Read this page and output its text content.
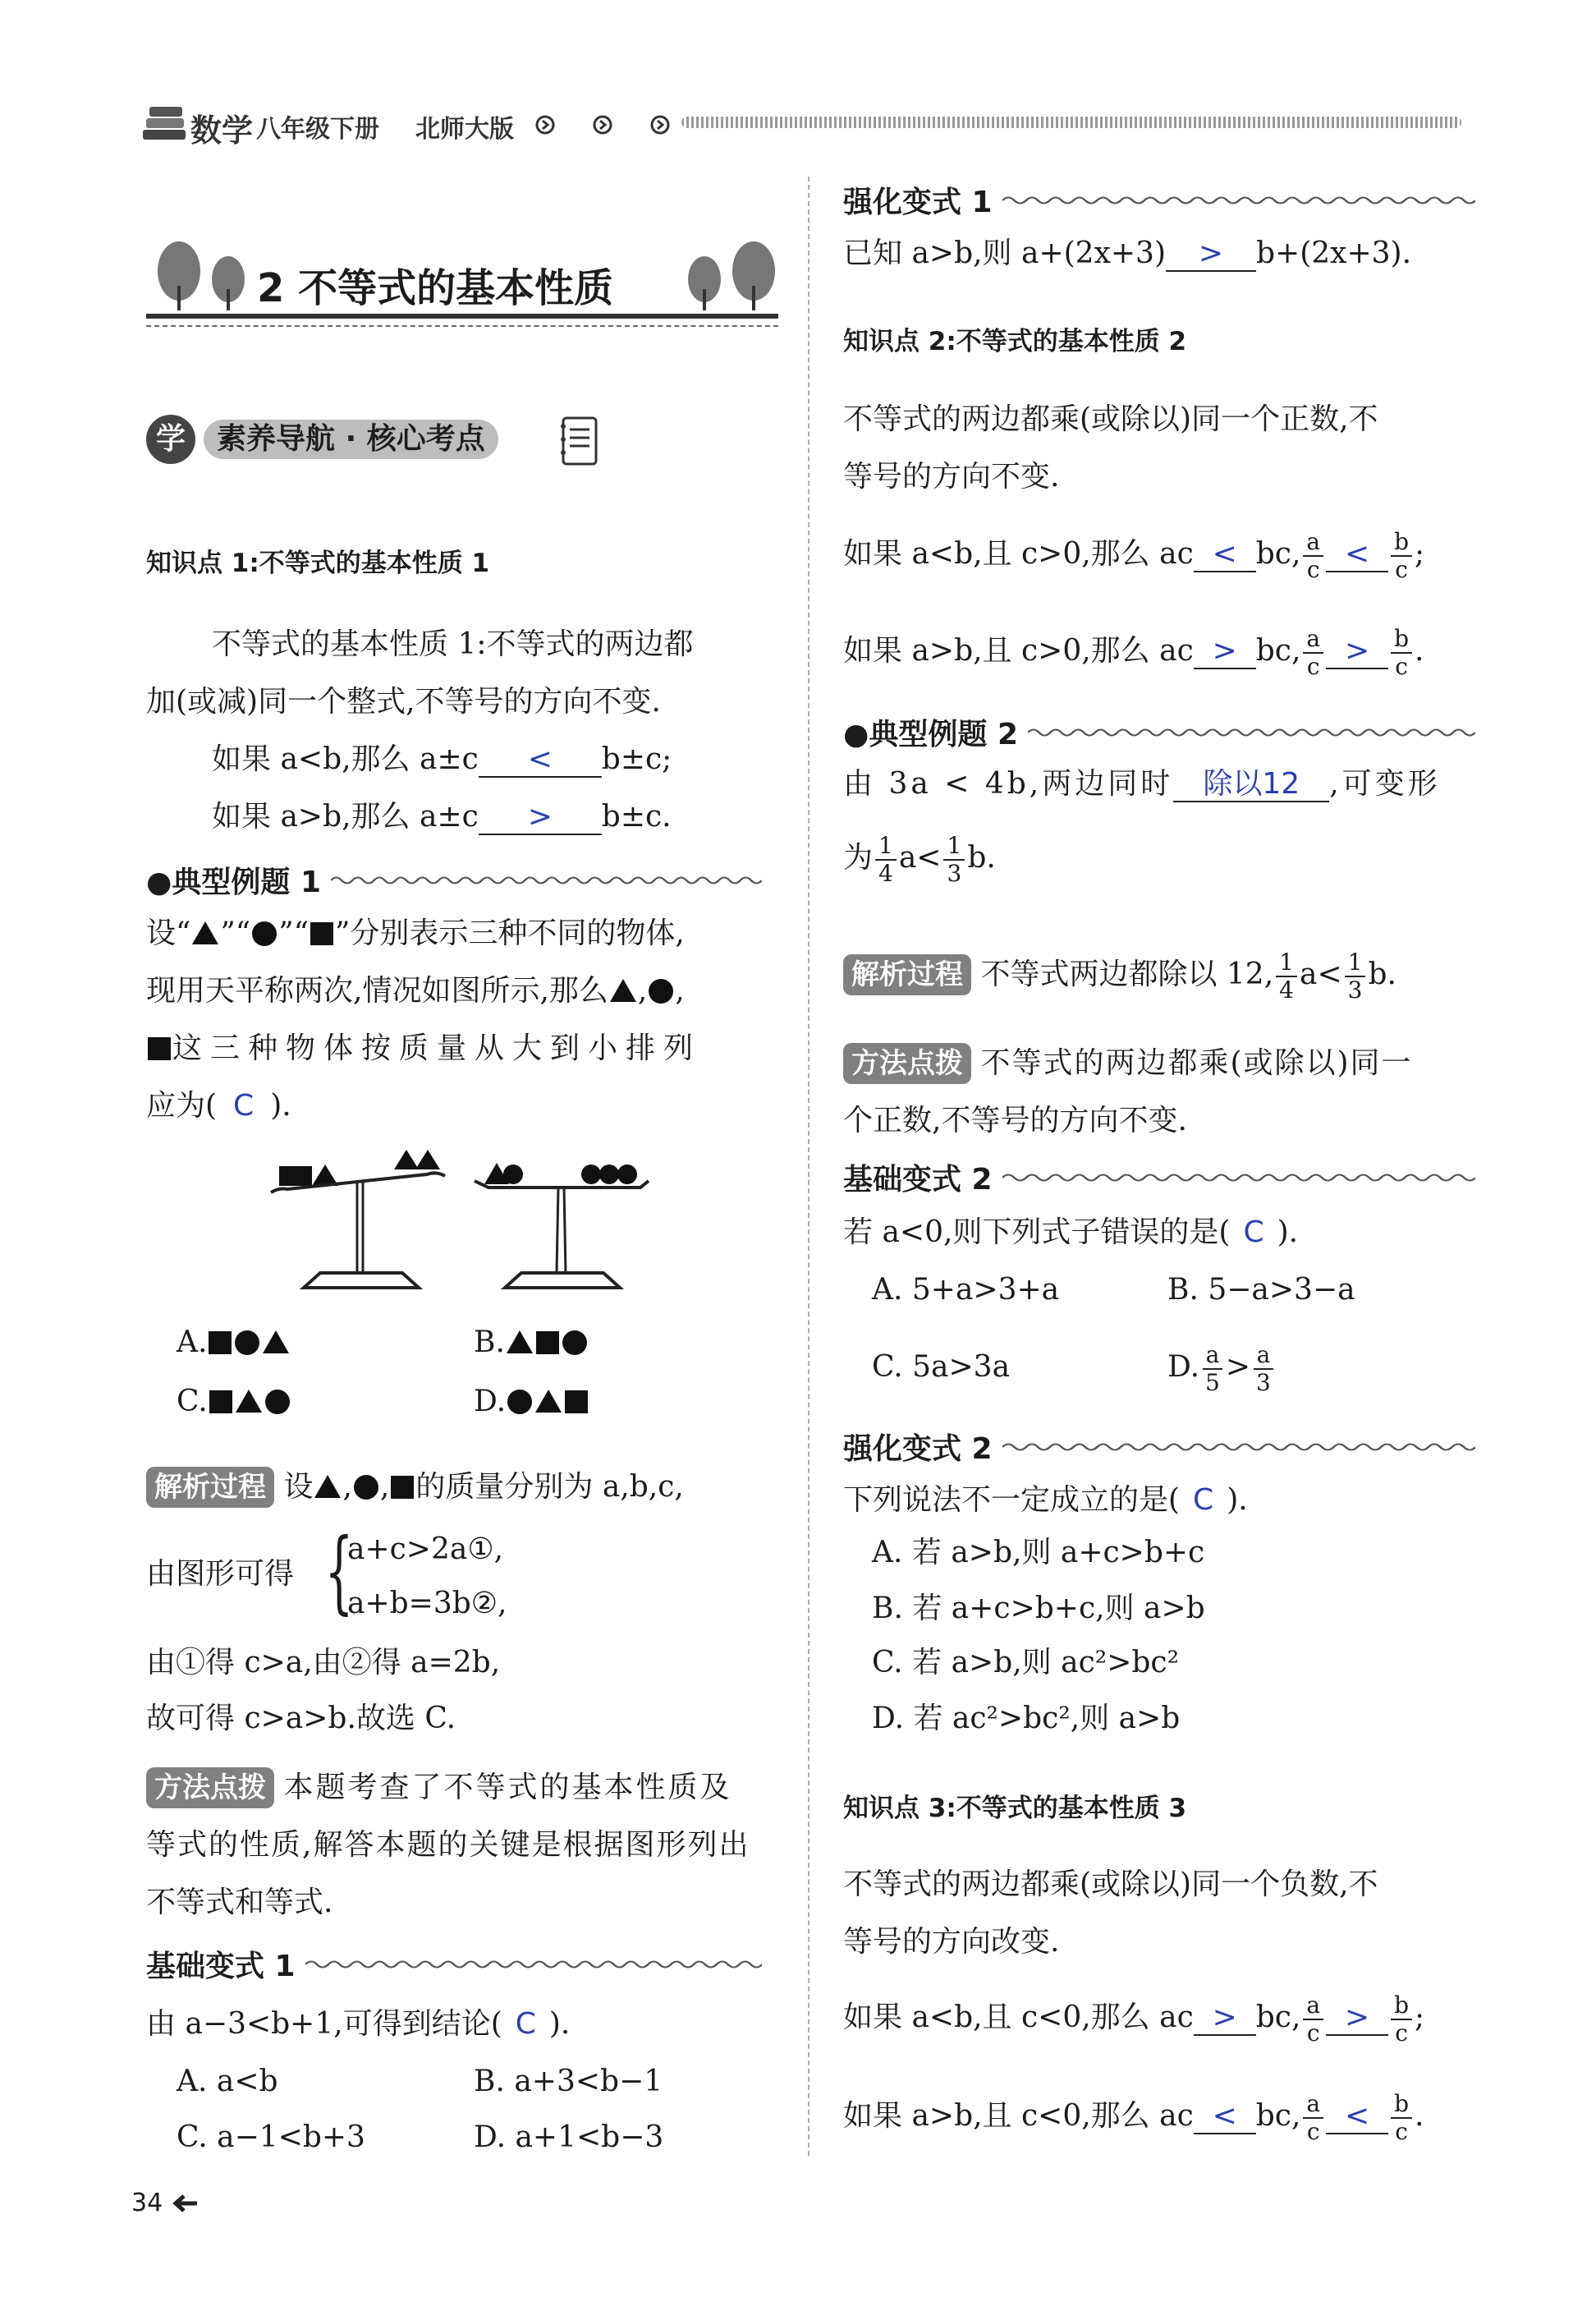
数学 八年级下册 北师大版
2 不等式的基本性质
学	素养导航 · 核心考点
知识点 1:不等式的基本性质 1
不等式的基本性质 1:不等式的两边都
加(或减)同一个整式,不等号的方向不变.
如果 a<b,那么 a±c < b±c;
如果 a>b,那么 a±c > b±c.
●典型例题 1
设“ ”“ ”“ ”分别表示三种不同的物体,
现用天平称两次,情况如图所示,那么 , ,
这三种物体按质量从大到小排列
应为( C ).
A.	B.
C.	D.
解析过程 设 , , 的质量分别为 a,b,c,
由图形可得 {
a+c>2a①,
a+b=3b②,
由①得 c>a,由②得 a=2b,
故可得 c>a>b.故选 C.
方法点拨 本题考查了不等式的基本性质及
等式的性质,解答本题的关键是根据图形列出
不等式和等式.
基础变式 1
由 a−3<b+1,可得到结论( C ).
A. a<b	B. a+3<b−1
C. a−1<b+3	D. a+1<b−3
34
强化变式 1
已知 a>b,则 a+(2x+3) > b+(2x+3).
知识点 2:不等式的基本性质 2
不等式的两边都乘(或除以)同一个正数,不
等号的方向不变.
如果 a<b,且 c>0,那么 ac < bc, $\frac{a}{c} < \frac{b}{c}$ ;
如果 a>b,且 c>0,那么 ac > bc, $\frac{a}{c} > \frac{b}{c}$ .
●典型例题 2
由 3a < 4b,两边同时 除以12 ,可变形
为 $\frac{1}{4} a< \frac{1}{3} b$.
解析过程 不等式两边都除以 12, $\frac{1}{4} a< \frac{1}{3} b$.
方法点拨 不等式的两边都乘(或除以)同一
个正数,不等号的方向不变.
基础变式 2
若 a<0,则下列式子错误的是( C ).
A. 5+a>3+a	B. 5−a>3−a
C. 5a>3a	D. $\frac{a}{5} > \frac{a}{3}$
强化变式 2
下列说法不一定成立的是( C ).
A. 若 a>b,则 a+c>b+c
B. 若 a+c>b+c,则 a>b
C. 若 a>b,则 ac²>bc²
D. 若 ac²>bc²,则 a>b
知识点 3:不等式的基本性质 3
不等式的两边都乘(或除以)同一个负数,不
等号的方向改变.
如果 a<b,且 c<0,那么 ac > bc, $\frac{a}{c} > \frac{b}{c}$ ;
如果 a>b,且 c<0,那么 ac < bc, $\frac{a}{c} < \frac{b}{c}$ .
